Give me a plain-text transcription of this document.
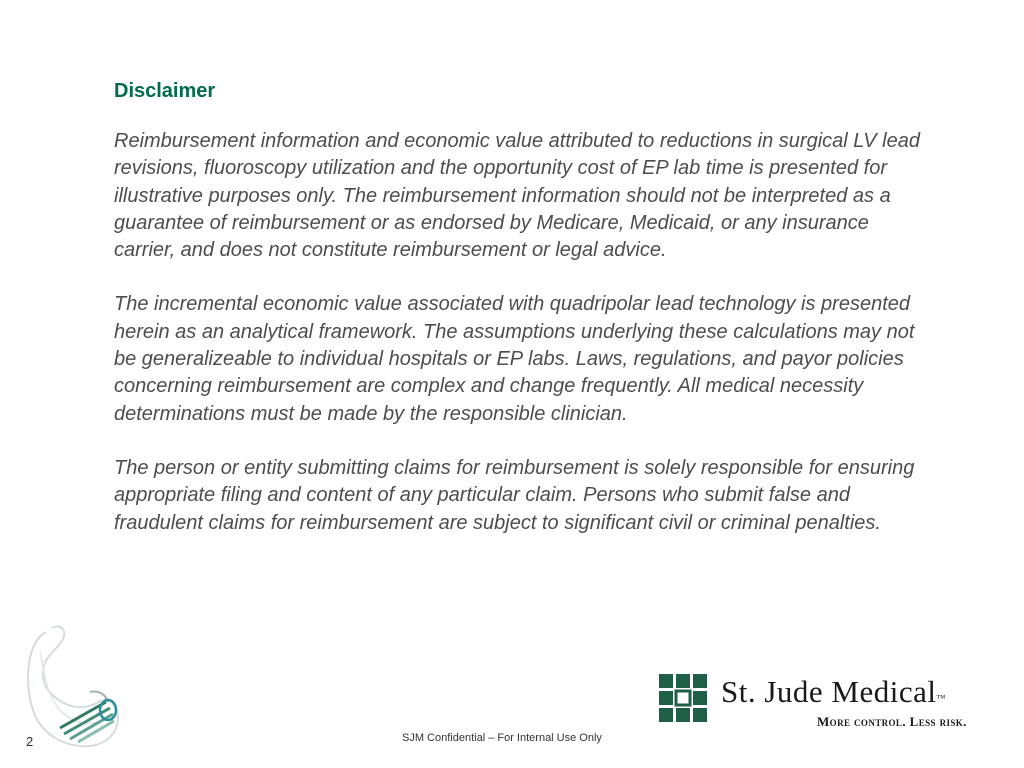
Disclaimer

Reimbursement information and economic value attributed to reductions in surgical LV lead revisions, fluoroscopy utilization and the opportunity cost of EP lab time is presented for illustrative purposes only. The reimbursement information should not be interpreted as a guarantee of reimbursement or as endorsed by Medicare, Medicaid, or any insurance carrier, and does not constitute reimbursement or legal advice.

The incremental economic value associated with quadripolar lead technology is presented herein as an analytical framework. The assumptions underlying these calculations may not be generalizeable to individual hospitals or EP labs. Laws, regulations, and payor policies concerning reimbursement are complex and change frequently. All medical necessity determinations must be made by the responsible clinician.

The person or entity submitting claims for reimbursement is solely responsible for ensuring appropriate filing and content of any particular claim. Persons who submit false and fraudulent claims for reimbursement are subject to significant civil or criminal penalties.

St. Jude Medical™
More control. Less risk.
SJM Confidential – For Internal Use Only
2
